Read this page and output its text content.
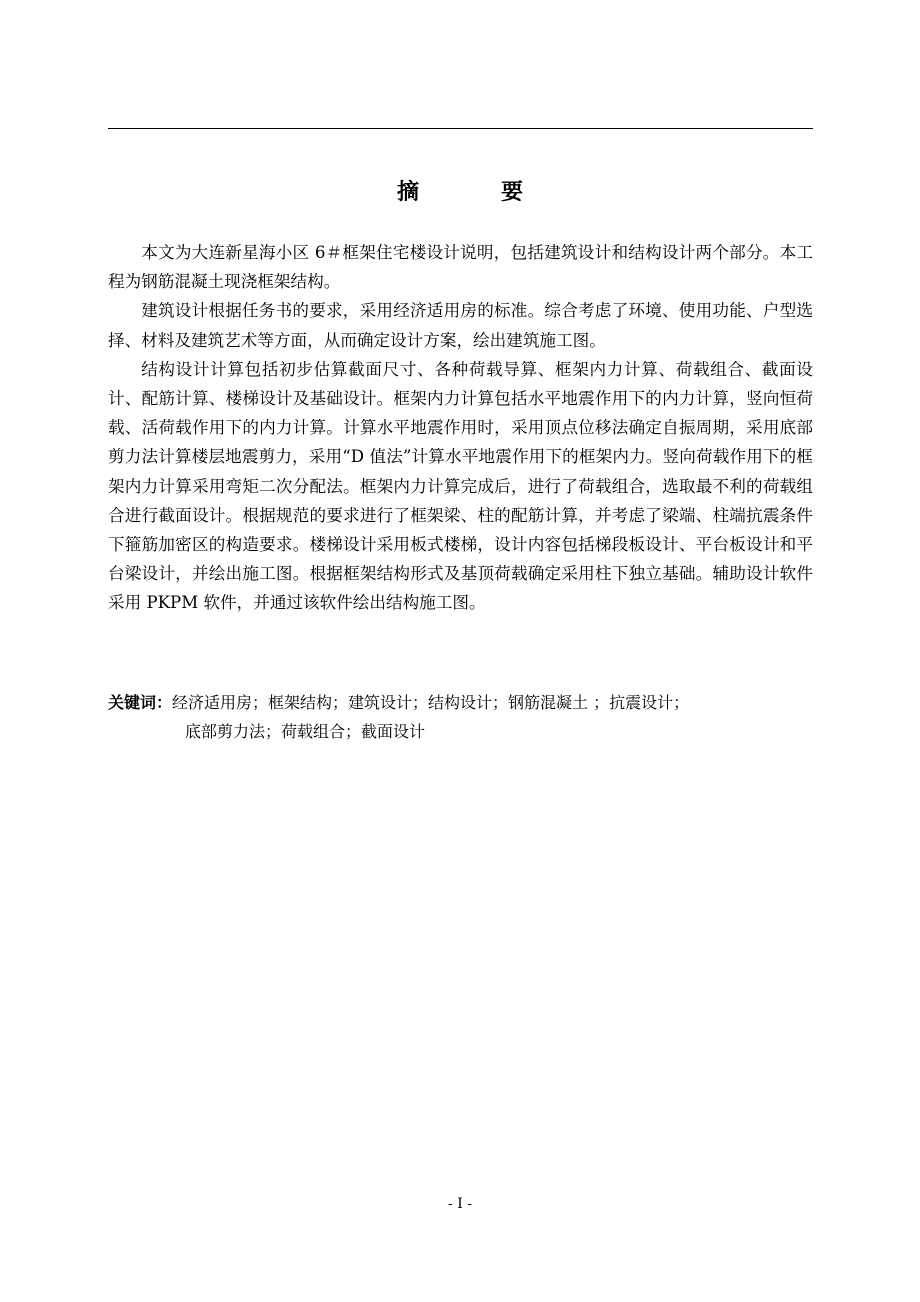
摘　要

本文为大连新星海小区 6＃框架住宅楼设计说明，包括建筑设计和结构设计两个部分。本工程为钢筋混凝土现浇框架结构。

建筑设计根据任务书的要求，采用经济适用房的标准。综合考虑了环境、使用功能、户型选择、材料及建筑艺术等方面，从而确定设计方案，绘出建筑施工图。

结构设计计算包括初步估算截面尺寸、各种荷载导算、框架内力计算、荷载组合、截面设计、配筋计算、楼梯设计及基础设计。框架内力计算包括水平地震作用下的内力计算，竖向恒荷载、活荷载作用下的内力计算。计算水平地震作用时，采用顶点位移法确定自振周期，采用底部剪力法计算楼层地震剪力，采用“D 值法”计算水平地震作用下的框架内力。竖向荷载作用下的框架内力计算采用弯矩二次分配法。框架内力计算完成后，进行了荷载组合，选取最不利的荷载组合进行截面设计。根据规范的要求进行了框架梁、柱的配筋计算，并考虑了梁端、柱端抗震条件下箍筋加密区的构造要求。楼梯设计采用板式楼梯，设计内容包括梯段板设计、平台板设计和平台梁设计，并绘出施工图。根据框架结构形式及基顶荷载确定采用柱下独立基础。辅助设计软件采用 PKPM 软件，并通过该软件绘出结构施工图。

关键词：经济适用房；框架结构；建筑设计；结构设计；钢筋混凝土 ；抗震设计；
底部剪力法；荷载组合；截面设计
- I -
